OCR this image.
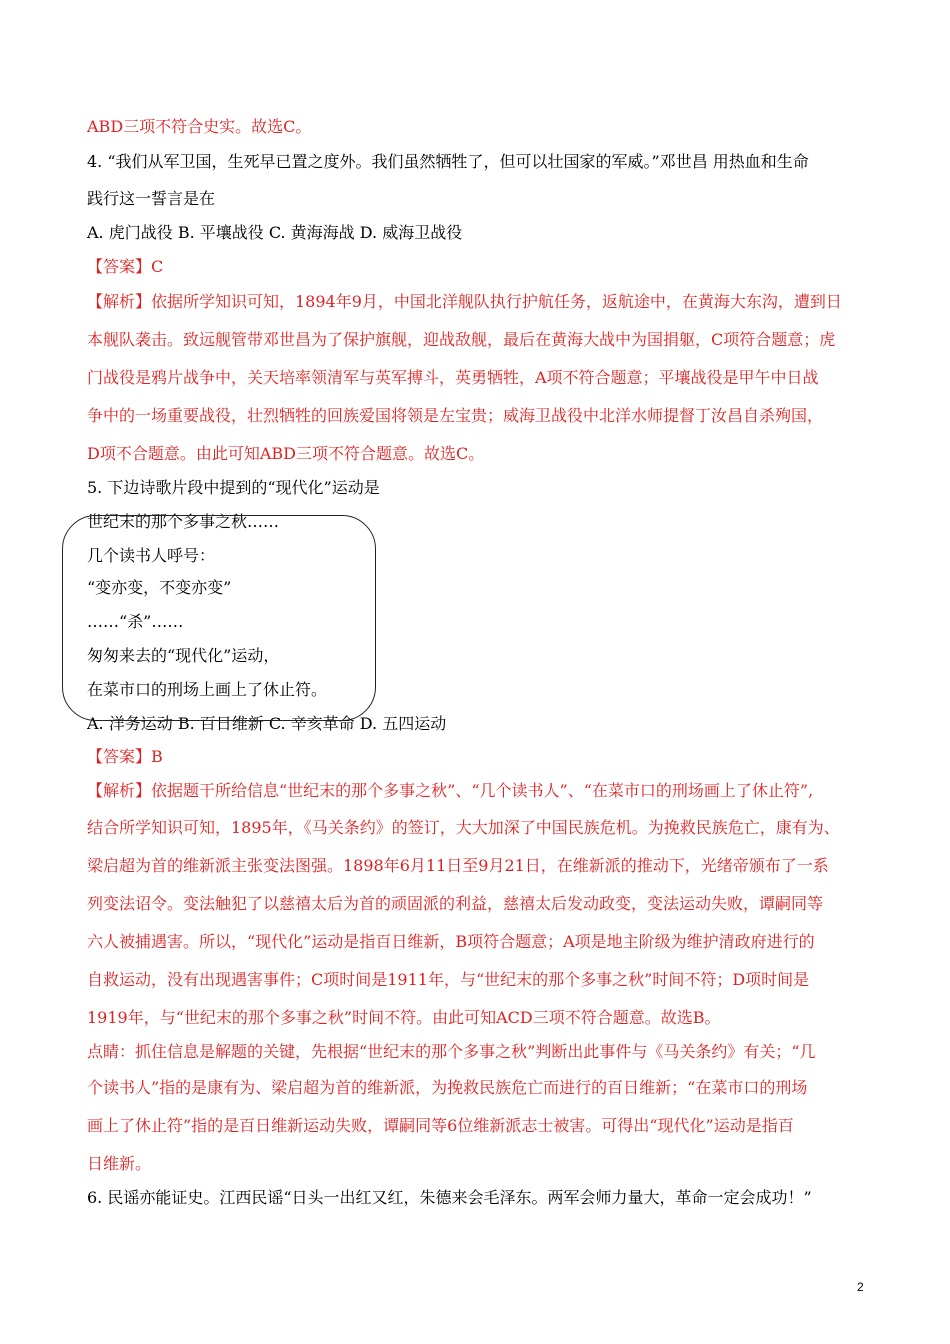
ABD三项不符合史实。故选C。
4. “我们从军卫国，生死早已置之度外。我们虽然牺牲了，但可以壮国家的军威。”邓世昌 用热血和生命
践行这一誓言是在
A. 虎门战役 B. 平壤战役 C. 黄海海战 D. 威海卫战役
【答案】C
【解析】依据所学知识可知，1894年9月，中国北洋舰队执行护航任务，返航途中，在黄海大东沟，遭到日
本舰队袭击。致远舰管带邓世昌为了保护旗舰，迎战敌舰，最后在黄海大战中为国捐躯，C项符合题意；虎
门战役是鸦片战争中，关天培率领清军与英军搏斗，英勇牺牲，A项不符合题意；平壤战役是甲午中日战
争中的一场重要战役，壮烈牺牲的回族爱国将领是左宝贵；威海卫战役中北洋水师提督丁汝昌自杀殉国，
D项不合题意。由此可知ABD三项不符合题意。故选C。
5. 下边诗歌片段中提到的“现代化”运动是
世纪末的那个多事之秋……
几个读书人呼号：
“变亦变，不变亦变”
……“杀”……
匆匆来去的“现代化”运动，
在菜市口的刑场上画上了休止符。
A. 洋务运动 B. 百日维新 C. 辛亥革命 D. 五四运动
【答案】B
【解析】依据题干所给信息“世纪末的那个多事之秋”、“几个读书人”、“在菜市口的刑场画上了休止符”,
结合所学知识可知，1895年，《马关条约》的签订，大大加深了中国民族危机。为挽救民族危亡，康有为、
梁启超为首的维新派主张变法图强。1898年6月11日至9月21日，在维新派的推动下，光绪帝颁布了一系
列变法诏令。变法触犯了以慈禧太后为首的顽固派的利益，慈禧太后发动政变，变法运动失败，谭嗣同等
六人被捕遇害。所以，“现代化”运动是指百日维新，B项符合题意；A项是地主阶级为维护清政府进行的
自救运动，没有出现遇害事件；C项时间是1911年，与“世纪末的那个多事之秋”时间不符；D项时间是
1919年，与“世纪末的那个多事之秋”时间不符。由此可知ACD三项不符合题意。故选B。
点睛：抓住信息是解题的关键，先根据“世纪末的那个多事之秋”判断出此事件与《马关条约》有关；“几
个读书人”指的是康有为、梁启超为首的维新派，为挽救民族危亡而进行的百日维新；“在菜市口的刑场
画上了休止符”指的是百日维新运动失败，谭嗣同等6位维新派志士被害。可得出“现代化”运动是指百
日维新。
6. 民谣亦能证史。江西民谣“日头一出红又红，朱德来会毛泽东。两军会师力量大，革命一定会成功！”
2
